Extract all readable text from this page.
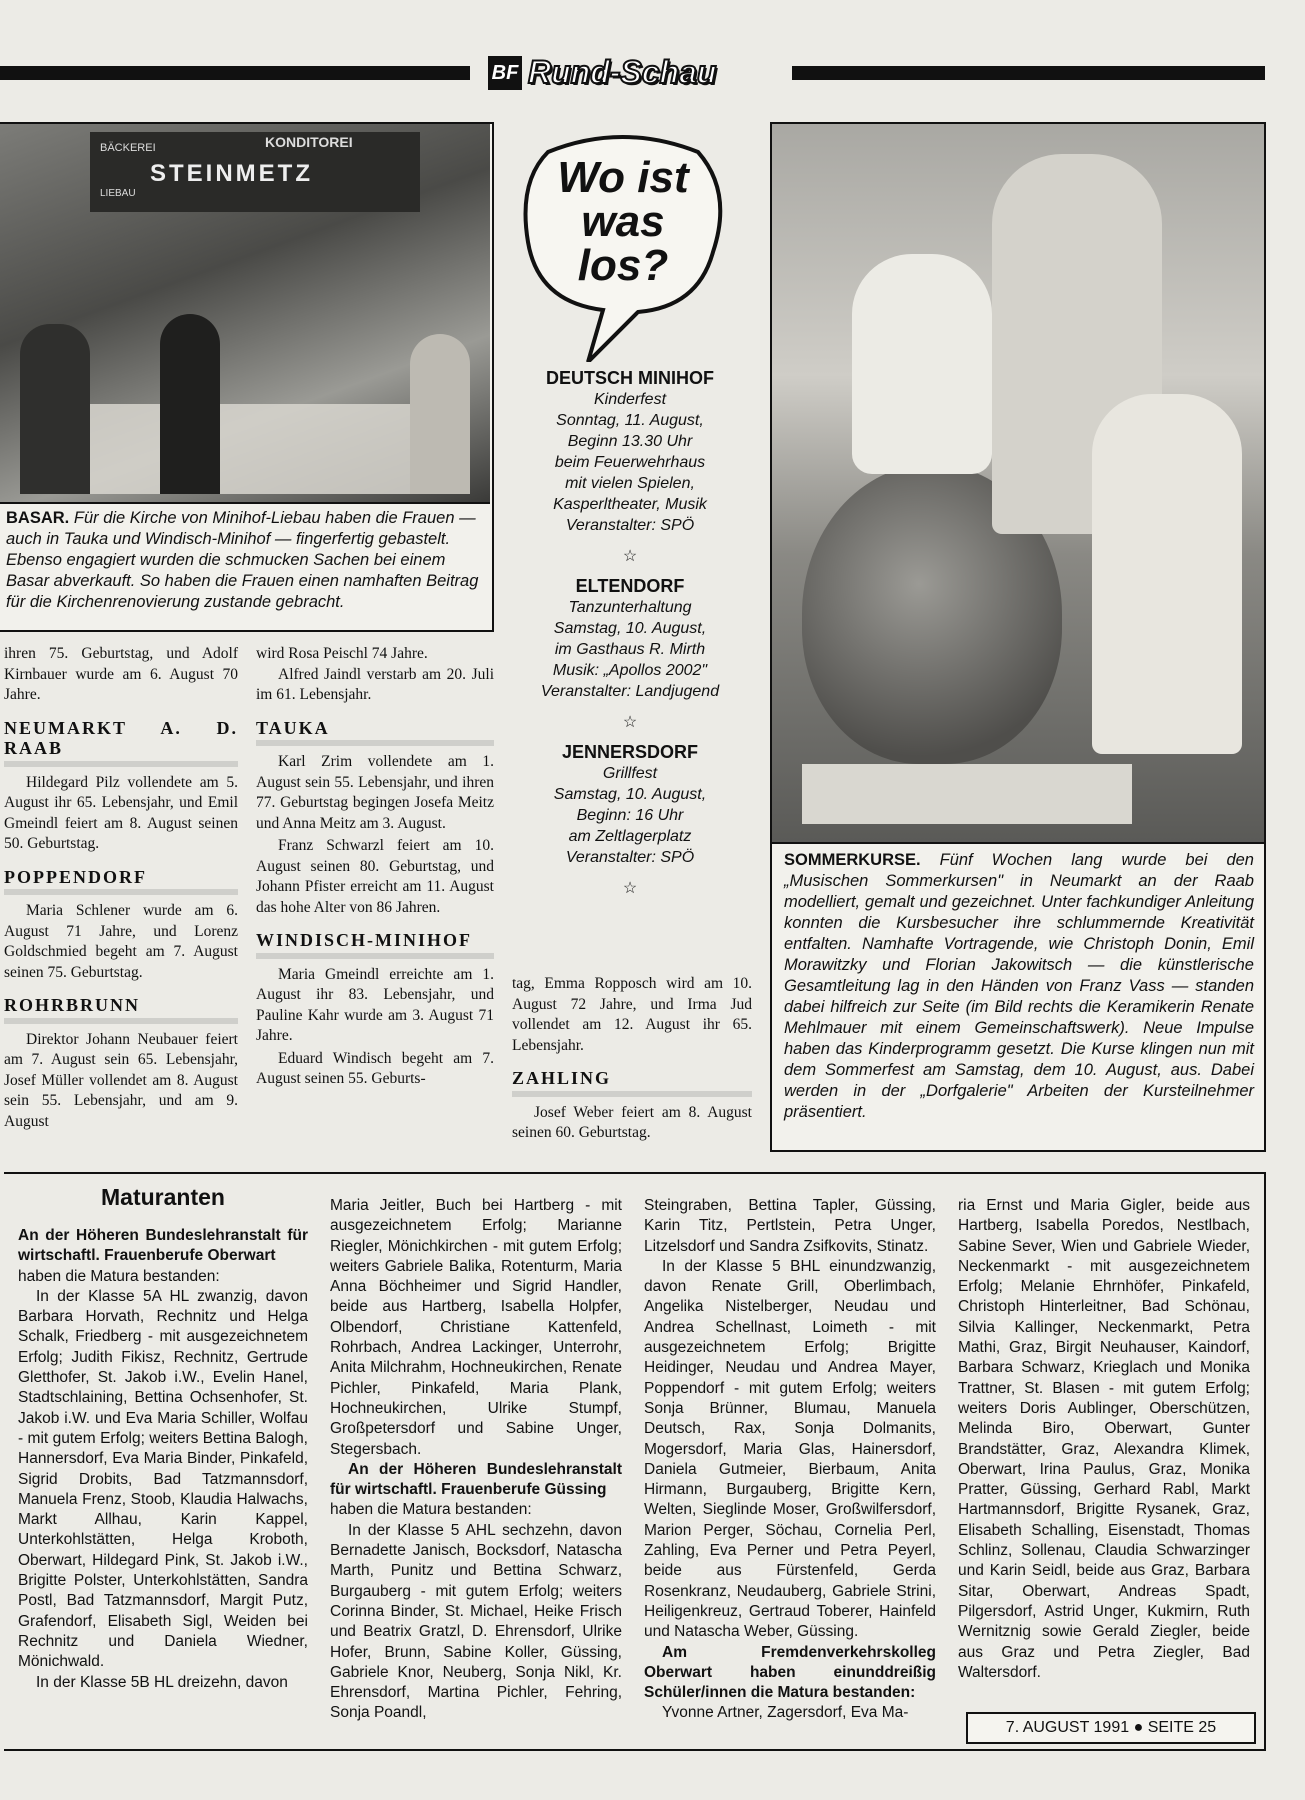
BF Rund-Schau
BÄCKEREI
STEINMETZ
KONDITOREI
LIEBAU
BASAR. Für die Kirche von Minihof-Liebau haben die Frauen — auch in Tauka und Windisch-Minihof — fingerfertig gebastelt. Ebenso engagiert wurden die schmucken Sachen bei einem Basar abverkauft. So haben die Frauen einen namhaften Beitrag für die Kirchenrenovierung zustande gebracht.
ihren 75. Geburtstag, und Adolf Kirnbauer wurde am 6. August 70 Jahre.
NEUMARKT A. D. RAAB

Hildegard Pilz vollendete am 5. August ihr 65. Lebensjahr, und Emil Gmeindl feiert am 8. August seinen 50. Geburtstag.

POPPENDORF

Maria Schlener wurde am 6. August 71 Jahre, und Lorenz Goldschmied begeht am 7. August seinen 75. Geburtstag.

ROHRBRUNN

Direktor Johann Neubauer feiert am 7. August sein 65. Lebensjahr, Josef Müller vollendet am 8. August sein 55. Lebensjahr, und am 9. August

wird Rosa Peischl 74 Jahre.

Alfred Jaindl verstarb am 20. Juli im 61. Lebensjahr.

TAUKA

Karl Zrim vollendete am 1. August sein 55. Lebensjahr, und ihren 77. Geburtstag begingen Josefa Meitz und Anna Meitz am 3. August.

Franz Schwarzl feiert am 10. August seinen 80. Geburtstag, und Johann Pfister erreicht am 11. August das hohe Alter von 86 Jahren.

WINDISCH-MINIHOF

Maria Gmeindl erreichte am 1. August ihr 83. Lebensjahr, und Pauline Kahr wurde am 3. August 71 Jahre.

Eduard Windisch begeht am 7. August seinen 55. Geburts-

Wo ist was los?
DEUTSCH MINIHOF
Kinderfest
Sonntag, 11. August,
Beginn 13.30 Uhr
beim Feuerwehrhaus
mit vielen Spielen,
Kasperltheater, Musik
Veranstalter: SPÖ
☆
ELTENDORF
Tanzunterhaltung
Samstag, 10. August,
im Gasthaus R. Mirth
Musik: „Apollos 2002"
Veranstalter: Landjugend
☆
JENNERSDORF
Grillfest
Samstag, 10. August,
Beginn: 16 Uhr
am Zeltlagerplatz
Veranstalter: SPÖ
☆
tag, Emma Ropposch wird am 10. August 72 Jahre, und Irma Jud vollendet am 12. August ihr 65. Lebensjahr.
ZAHLING

Josef Weber feiert am 8. August seinen 60. Geburtstag.

SOMMERKURSE. Fünf Wochen lang wurde bei den „Musischen Sommerkursen" in Neumarkt an der Raab modelliert, gemalt und gezeichnet. Unter fachkundiger Anleitung konnten die Kursbesucher ihre schlummernde Kreativität entfalten. Namhafte Vortragende, wie Christoph Donin, Emil Morawitzky und Florian Jakowitsch — die künstlerische Gesamtleitung lag in den Händen von Franz Vass — standen dabei hilfreich zur Seite (im Bild rechts die Keramikerin Renate Mehlmauer mit einem Gemeinschaftswerk). Neue Impulse haben das Kinderprogramm gesetzt. Die Kurse klingen nun mit dem Sommerfest am Samstag, dem 10. August, aus. Dabei werden in der „Dorfgalerie" Arbeiten der Kursteilnehmer präsentiert.
Maturanten
An der Höheren Bundeslehranstalt für wirtschaftl. Frauenberufe Oberwart
haben die Matura bestanden:

In der Klasse 5A HL zwanzig, davon Barbara Horvath, Rechnitz und Helga Schalk, Friedberg - mit ausgezeichnetem Erfolg; Judith Fikisz, Rechnitz, Gertrude Gletthofer, St. Jakob i.W., Evelin Hanel, Stadtschlaining, Bettina Ochsenhofer, St. Jakob i.W. und Eva Maria Schiller, Wolfau - mit gutem Erfolg; weiters Bettina Balogh, Hannersdorf, Eva Maria Binder, Pinkafeld, Sigrid Drobits, Bad Tatzmannsdorf, Manuela Frenz, Stoob, Klaudia Halwachs, Markt Allhau, Karin Kappel, Unterkohlstätten, Helga Kroboth, Oberwart, Hildegard Pink, St. Jakob i.W., Brigitte Polster, Unterkohlstätten, Sandra Postl, Bad Tatzmannsdorf, Margit Putz, Grafendorf, Elisabeth Sigl, Weiden bei Rechnitz und Daniela Wiedner, Mönichwald.

In der Klasse 5B HL dreizehn, davon

Maria Jeitler, Buch bei Hartberg - mit ausgezeichnetem Erfolg; Marianne Riegler, Mönichkirchen - mit gutem Erfolg; weiters Gabriele Balika, Rotenturm, Maria Anna Böchheimer und Sigrid Handler, beide aus Hartberg, Isabella Holpfer, Olbendorf, Christiane Kattenfeld, Rohrbach, Andrea Lackinger, Unterrohr, Anita Milchrahm, Hochneukirchen, Renate Pichler, Pinkafeld, Maria Plank, Hochneukirchen, Ulrike Stumpf, Großpetersdorf und Sabine Unger, Stegersbach.
An der Höheren Bundeslehranstalt für wirtschaftl. Frauenberufe Güssing
haben die Matura bestanden:

In der Klasse 5 AHL sechzehn, davon Bernadette Janisch, Bocksdorf, Natascha Marth, Punitz und Bettina Schwarz, Burgauberg - mit gutem Erfolg; weiters Corinna Binder, St. Michael, Heike Frisch und Beatrix Gratzl, D. Ehrensdorf, Ulrike Hofer, Brunn, Sabine Koller, Güssing, Gabriele Knor, Neuberg, Sonja Nikl, Kr. Ehrensdorf, Martina Pichler, Fehring, Sonja Poandl,

Steingraben, Bettina Tapler, Güssing, Karin Titz, Pertlstein, Petra Unger, Litzelsdorf und Sandra Zsifkovits, Stinatz.

In der Klasse 5 BHL einundzwanzig, davon Renate Grill, Oberlimbach, Angelika Nistelberger, Neudau und Andrea Schellnast, Loimeth - mit ausgezeichnetem Erfolg; Brigitte Heidinger, Neudau und Andrea Mayer, Poppendorf - mit gutem Erfolg; weiters Sonja Brünner, Blumau, Manuela Deutsch, Rax, Sonja Dolmanits, Mogersdorf, Maria Glas, Hainersdorf, Daniela Gutmeier, Bierbaum, Anita Hirmann, Burgauberg, Brigitte Kern, Welten, Sieglinde Moser, Großwilfersdorf, Marion Perger, Söchau, Cornelia Perl, Zahling, Eva Perner und Petra Peyerl, beide aus Fürstenfeld, Gerda Rosenkranz, Neudauberg, Gabriele Strini, Heiligenkreuz, Gertraud Toberer, Hainfeld und Natascha Weber, Güssing.

Am Fremdenverkehrskolleg Oberwart haben einunddreißig Schüler/innen die Matura bestanden:

Yvonne Artner, Zagersdorf, Eva Ma-

ria Ernst und Maria Gigler, beide aus Hartberg, Isabella Poredos, Nestlbach, Sabine Sever, Wien und Gabriele Wieder, Neckenmarkt - mit ausgezeichnetem Erfolg; Melanie Ehrnhöfer, Pinkafeld, Christoph Hinterleitner, Bad Schönau, Silvia Kallinger, Neckenmarkt, Petra Mathi, Graz, Birgit Neuhauser, Kaindorf, Barbara Schwarz, Krieglach und Monika Trattner, St. Blasen - mit gutem Erfolg; weiters Doris Aublinger, Oberschützen, Melinda Biro, Oberwart, Gunter Brandstätter, Graz, Alexandra Klimek, Oberwart, Irina Paulus, Graz, Monika Pratter, Güssing, Gerhard Rabl, Markt Hartmannsdorf, Brigitte Rysanek, Graz, Elisabeth Schalling, Eisenstadt, Thomas Schlinz, Sollenau, Claudia Schwarzinger und Karin Seidl, beide aus Graz, Barbara Sitar, Oberwart, Andreas Spadt, Pilgersdorf, Astrid Unger, Kukmirn, Ruth Wernitznig sowie Gerald Ziegler, beide aus Graz und Petra Ziegler, Bad Waltersdorf.
7. AUGUST 1991 ● SEITE 25
